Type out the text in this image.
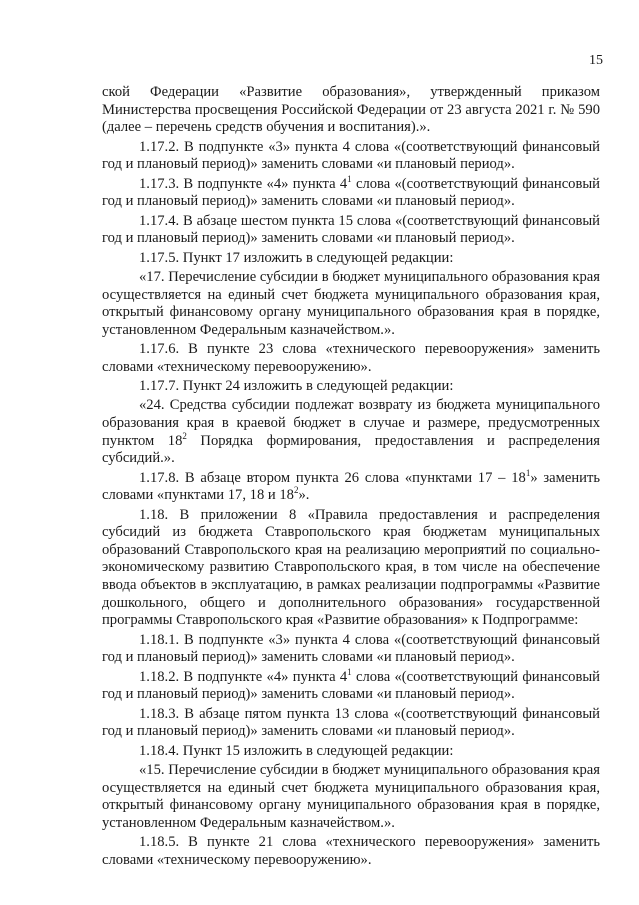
15

ской Федерации «Развитие образования», утвержденный приказом Министерства просвещения Российской Федерации от 23 августа 2021 г. № 590 (далее – перечень средств обучения и воспитания).».

1.17.2. В подпункте «3» пункта 4 слова «(соответствующий финансовый год и плановый период)» заменить словами «и плановый период».

1.17.3. В подпункте «4» пункта $4^1$ слова «(соответствующий финансовый год и плановый период)» заменить словами «и плановый период».

1.17.4. В абзаце шестом пункта 15 слова «(соответствующий финансовый год и плановый период)» заменить словами «и плановый период».

1.17.5. Пункт 17 изложить в следующей редакции:

«17. Перечисление субсидии в бюджет муниципального образования края осуществляется на единый счет бюджета муниципального образования края, открытый финансовому органу муниципального образования края в порядке, установленном Федеральным казначейством.».

1.17.6. В пункте 23 слова «технического перевооружения» заменить словами «техническому перевооружению».

1.17.7. Пункт 24 изложить в следующей редакции:

«24. Средства субсидии подлежат возврату из бюджета муниципального образования края в краевой бюджет в случае и размере, предусмотренных пунктом $18^2$ Порядка формирования, предоставления и распределения субсидий.».

1.17.8. В абзаце втором пункта 26 слова «пунктами $17 - 18^1$» заменить словами «пунктами 17, 18 и $18^2$».

1.18. В приложении 8 «Правила предоставления и распределения субсидий из бюджета Ставропольского края бюджетам муниципальных образований Ставропольского края на реализацию мероприятий по социально-экономическому развитию Ставропольского края, в том числе на обеспечение ввода объектов в эксплуатацию, в рамках реализации подпрограммы «Развитие дошкольного, общего и дополнительного образования» государственной программы Ставропольского края «Развитие образования» к Подпрограмме:

1.18.1. В подпункте «3» пункта 4 слова «(соответствующий финансовый год и плановый период)» заменить словами «и плановый период».

1.18.2. В подпункте «4» пункта $4^1$ слова «(соответствующий финансовый год и плановый период)» заменить словами «и плановый период».

1.18.3. В абзаце пятом пункта 13 слова «(соответствующий финансовый год и плановый период)» заменить словами «и плановый период».

1.18.4. Пункт 15 изложить в следующей редакции:

«15. Перечисление субсидии в бюджет муниципального образования края осуществляется на единый счет бюджета муниципального образования края, открытый финансовому органу муниципального образования края в порядке, установленном Федеральным казначейством.».

1.18.5. В пункте 21 слова «технического перевооружения» заменить словами «техническому перевооружению».
